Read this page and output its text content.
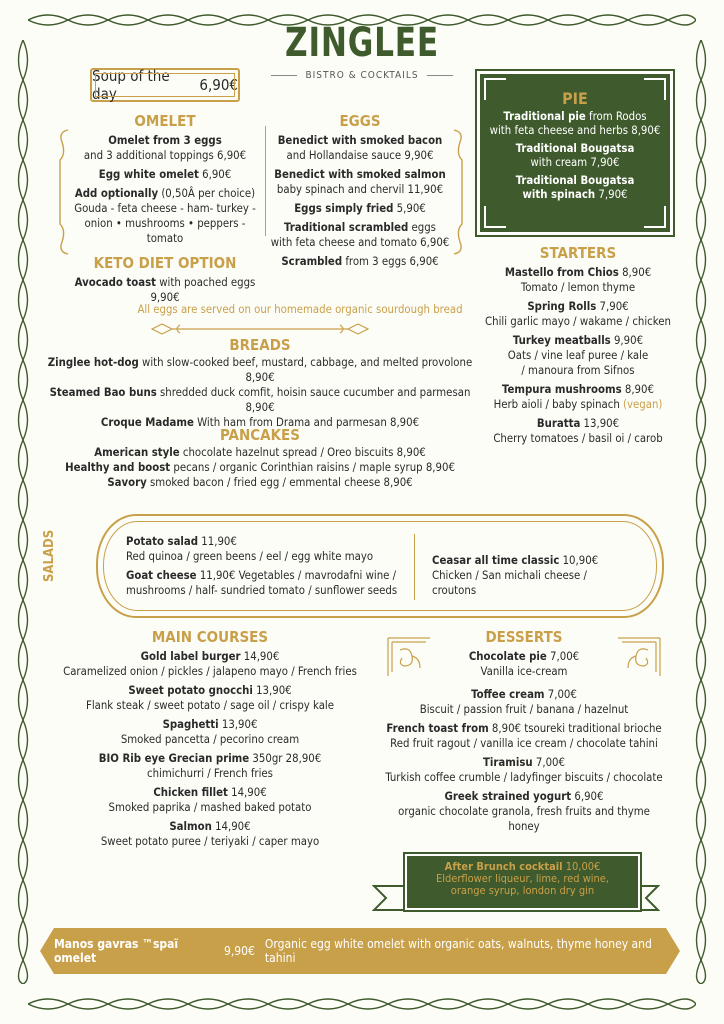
ZINGLEE
BISTRO & COCKTAILS
Soup of the day	6,90€
OMELET
Omelet from 3 eggs
and 3 additional toppings 6,90€
Egg white omelet 6,90€
Add optionally (0,50Â per choice)
Gouda - feta cheese - ham- turkey -
onion • mushrooms • peppers - tomato
KETO DIET OPTION
Avocado toast with poached eggs 9,90€
EGGS
Benedict with smoked bacon
and Hollandaise sauce 9,90€
Benedict with smoked salmon
baby spinach and chervil 11,90€
Eggs simply fried 5,90€
Traditional scrambled eggs
with feta cheese and tomato 6,90€
Scrambled from 3 eggs 6,90€
PIE
Traditional pie from Rodos
with feta cheese and herbs 8,90€
Traditional Bougatsa
with cream 7,90€
Traditional Bougatsa
with spinach 7,90€
STARTERS
Mastello from Chios 8,90€
Tomato / lemon thyme
Spring Rolls 7,90€
Chili garlic mayo / wakame / chicken
Turkey meatballs 9,90€
Oats / vine leaf puree / kale
/ manoura from Sifnos
Tempura mushrooms 8,90€
Herb aioli / baby spinach (vegan)
Buratta 13,90€
Cherry tomatoes / basil oi / carob
All eggs are served on our homemade organic sourdough bread
BREADS
Zinglee hot-dog with slow-cooked beef, mustard, cabbage, and melted provolone 8,90€
Steamed Bao buns shredded duck comfit, hoisin sauce cucumber and parmesan 8,90€
Croque Madame With ham from Drama and parmesan 8,90€
PANCAKES
American style chocolate hazelnut spread / Oreo biscuits 8,90€
Healthy and boost pecans / organic Corinthian raisins / maple syrup 8,90€
Savory smoked bacon / fried egg / emmental cheese 8,90€
SALADS	Potato salad 11,90€
Red quinoa / green beens / eel / egg white mayo
Goat cheese 11,90€ Vegetables / mavrodafni wine /
mushrooms / half- sundried tomato / sunflower seeds
Ceasar all time classic 10,90€
Chicken / San michali cheese / croutons
MAIN COURSES
Gold label burger 14,90€
Caramelized onion / pickles / jalapeno mayo / French fries
Sweet potato gnocchi 13,90€
Flank steak / sweet potato / sage oil / crispy kale
Spaghetti 13,90€
Smoked pancetta / pecorino cream
BIO Rib eye Grecian prime 350gr 28,90€
chimichurri / French fries
Chicken fillet 14,90€
Smoked paprika / mashed baked potato
Salmon 14,90€
Sweet potato puree / teriyaki / caper mayo
DESSERTS
Chocolate pie 7,00€
Vanilla ice-cream
Toffee cream 7,00€
Biscuit / passion fruit / banana / hazelnut
French toast from 8,90€ tsoureki traditional brioche
Red fruit ragout / vanilla ice cream / chocolate tahini
Tiramisu 7,00€
Turkish coffee crumble / ladyfinger biscuits / chocolate
Greek strained yogurt 6,90€
organic chocolate granola, fresh fruits and thyme honey
After Brunch cocktail 10,00€
Elderflower liqueur, lime, red wine,
orange syrup, london dry gin
Manos gavras ™spaï omelet	9,90€ Organic egg white omelet with organic oats, walnuts, thyme honey and tahini
